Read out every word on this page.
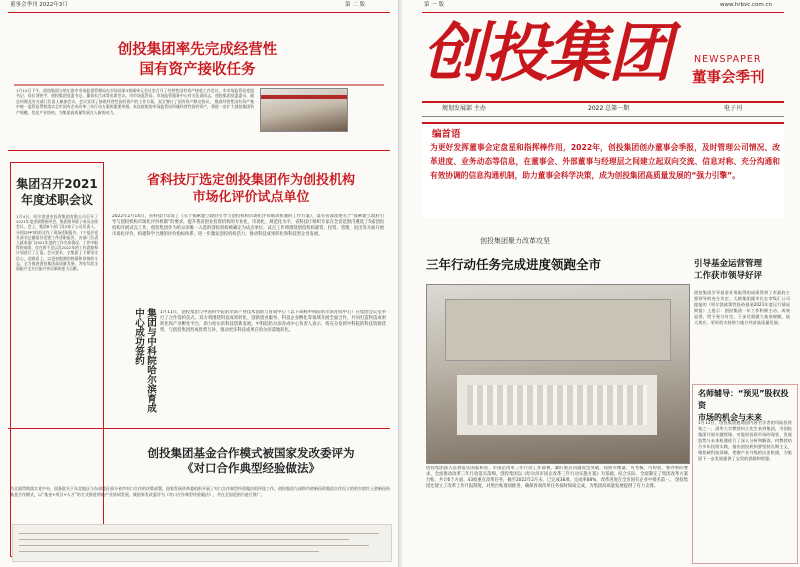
董事会季刊 2022年3月	第 二 版
创投集团率先完成经营性
国有资产接收任务
1月12日下午，创投集团与哈尔滨市市场监督管理局在市场局第3家属单元会议室召开了经营性国有资产接收工作会议，市市场监管局党组书记、局长刘宪宇，创投集团党委书记、董事长吕冰等出席会议。市市场监管局、市场监管服务中心有关负责同志，创投集团党委委员、副总经理及有关部门负责人参加会议。会议宣读了接收经营性国有资产的工作方案，双方签订了国有资产移交协议。 推进经营性国有资产集中统一监管是贯彻落实全市国有企业改革三年行动方案的重要举措。本次接收的市场监管局所属经营性国有资产，将进一步扩大创投集团资产规模，优化产业结构，为集团高质量发展注入新的动力。
集团召开2021
年度述职会议
1月4日，哈尔滨创业投资集团有限公司召开了2021年度述职暨指导会。集团领导班子成员出席会议，会上，集团8个部门及5家子公司负责人，分别以PPT的形式作了现场述职报告，7个基层党支部书记做基层党建工作述职报告，各部门负责人就本部门2021年度的工作完成情况、工作中取得的成绩、存在的不足以及2022年的工作思路和计划进行了汇报。会议要求，全集团上下要坚定信心，迎难而上，以更加饱满的热情和昂扬的斗志，全力推进创投集团高质量发展，为哈尔滨全面振兴全方位振兴作出新的更大贡献。
省科技厅选定创投集团作为创投机构
市场化评价试点单位
2022年2月14日，省科技厅印发了《关于探索建立政府引导与创投机构市场化评价联动机制的工作方案》，落实省深改委关于“探索建立政府引导与创投机构市场化评价机制”的要求，提升我省创业投资机构的专业化、市场化、规范化水平。省科技厅组织专家在全省范围内遴选了5家创投机构开展试点工作，创投集团作为哈尔滨唯一入选的创投机构被确定为试点单位。试点工作将围绕创投机构募资、投资、管理、退出等方面开展市场化评价，构建科学合理的评价指标体系，进一步激发创投机构活力，推动科技成果转化和科技型企业发展。
集团与中科院哈尔滨育成中心成功签约	1月11日，创投集团与中国科学院哈尔滨产业技术创新与育成中心（以下简称中科院哈尔滨育成中心）在集团会议室举行了合作签约仪式，双方将围绕科技成果转化、创新创业服务、科技企业孵化等领域开展全面合作，共同打造科技成果转化和产业孵化平台，助力哈尔滨科技创新发展。中科院哈尔滨育成中心负责人表示，将充分发挥中科院的科技资源优势，与创投集团形成优势互补，推动更多科技成果在哈尔滨落地转化。
创投集团基金合作模式被国家发改委评为
《对口合作典型经验做法》
为全面贯彻落实党中央、国务院关于东北地区与东部地区部分省市对口合作的决策部署，国家发展改革委组织开展了对口合作典型经验做法的评选工作。创投集团与深圳市创新投资集团合作设立的哈尔滨红土创新投资基金合作模式，以“基金+项目+人才”的方式推进两地产业协同发展，被国家发改委评为《对口合作典型经验做法》，并在全国范围内进行推广。
第 一 版	www.hrbvc.com.cn
创投集团	NEWSPAPER
董事会季刊
规划发展部 主办	2022 总第一期	电子刊
编首语
为更好发挥董事会定盘星和指挥棒作用，2022年，创投集团创办董事会季报，及时管理公司情况、改革进度、业务动态等信息，在董事会、外部董事与经理层之间建立起双向交流、信息对称、充分沟通和有效协调的信息沟通机制，助力董事会科学决策，成为创投集团高质量发展的“强力引擎”。
创投集团聚力改革攻坚
三年行动任务完成进度领跑全市
创投集团深入贯彻落实国家和省、市国企改革三年行动工作部署，紧盯重点问题攻坚突破，按照可衡量、可考核、可检验、要办事的要求，全面推动改革三年行动落实落细。创投集团以《哈尔滨市国企改革三年行动实施方案》为基础，结合实际，全面制定了集团改革方案台账，共计6个方面、43项重点改革任务，截至2022年2月末，已完成38项，完成率88%，改革进度在全市国有企业中排名第一。 创投集团还建立了改革工作月报制度，对照台账逐项推进，确保各项改革任务按时保质完成，为集团高质量发展提供了有力支撑。
引导基金运营管理
工作获市领导好评
创投集团引导基金业务取得的成绩得到了市政府主要领导的充分肯定。大新集团副市长在市级汇公司提报的《哈尔滨政策性投资基金2021年度运行情况简报》上批示：创投集团一年工作积极主动、成效显著，给予充分肯定。下步还需做大基金规模，放大效应，更好的支持助力地方经济高质量发展。
名师辅导：“预见”股权投资
市场的机会与未来
1月11日，创投集团邀请国内著名学者的风险投资家之一，清华大学教授何立先生来到集团，为创投集团开展专题授课，对股权投资市场的现状、发展趋势与未来机遇进行了深入分析和解读。何教授结合多年投资实践，指出创投机构要坚持长期主义，聚焦硬科技领域，把握产业升级的历史机遇，为集团下一步发展提供了宝贵的思路和借鉴。
